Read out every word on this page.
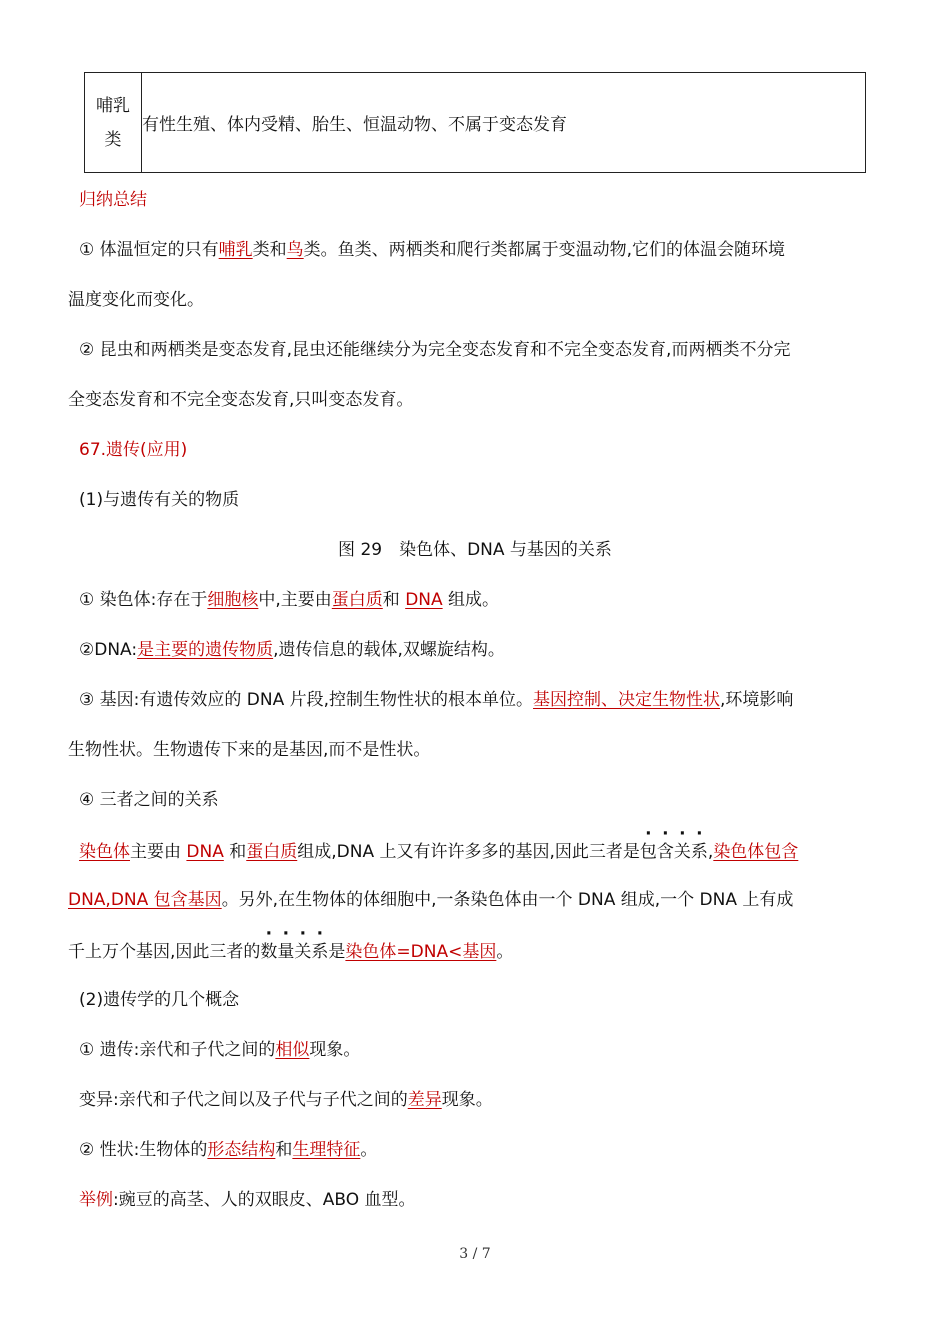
哺乳
类	有性生殖、体内受精、胎生、恒温动物、不属于变态发育
归纳总结
① 体温恒定的只有哺乳类和鸟类。鱼类、两栖类和爬行类都属于变温动物,它们的体温会随环境
温度变化而变化。
② 昆虫和两栖类是变态发育,昆虫还能继续分为完全变态发育和不完全变态发育,而两栖类不分完
全变态发育和不完全变态发育,只叫变态发育。
67.遗传(应用)
(1)与遗传有关的物质
图 29　染色体、DNA 与基因的关系
① 染色体:存在于细胞核中,主要由蛋白质和 DNA 组成。
②DNA:是主要的遗传物质,遗传信息的载体,双螺旋结构。
③ 基因:有遗传效应的 DNA 片段,控制生物性状的根本单位。基因控制、决定生物性状,环境影响
生物性状。生物遗传下来的是基因,而不是性状。
④ 三者之间的关系
染色体主要由 DNA 和蛋白质组成,DNA 上又有许许多多的基因,因此三者是包含关系,染色体包含
DNA,DNA 包含基因。另外,在生物体的体细胞中,一条染色体由一个 DNA 组成,一个 DNA 上有成
千上万个基因,因此三者的数量关系是染色体=DNA<基因。
(2)遗传学的几个概念
① 遗传:亲代和子代之间的相似现象。
变异:亲代和子代之间以及子代与子代之间的差异现象。
② 性状:生物体的形态结构和生理特征。
举例:豌豆的高茎、人的双眼皮、ABO 血型。
3 / 7
